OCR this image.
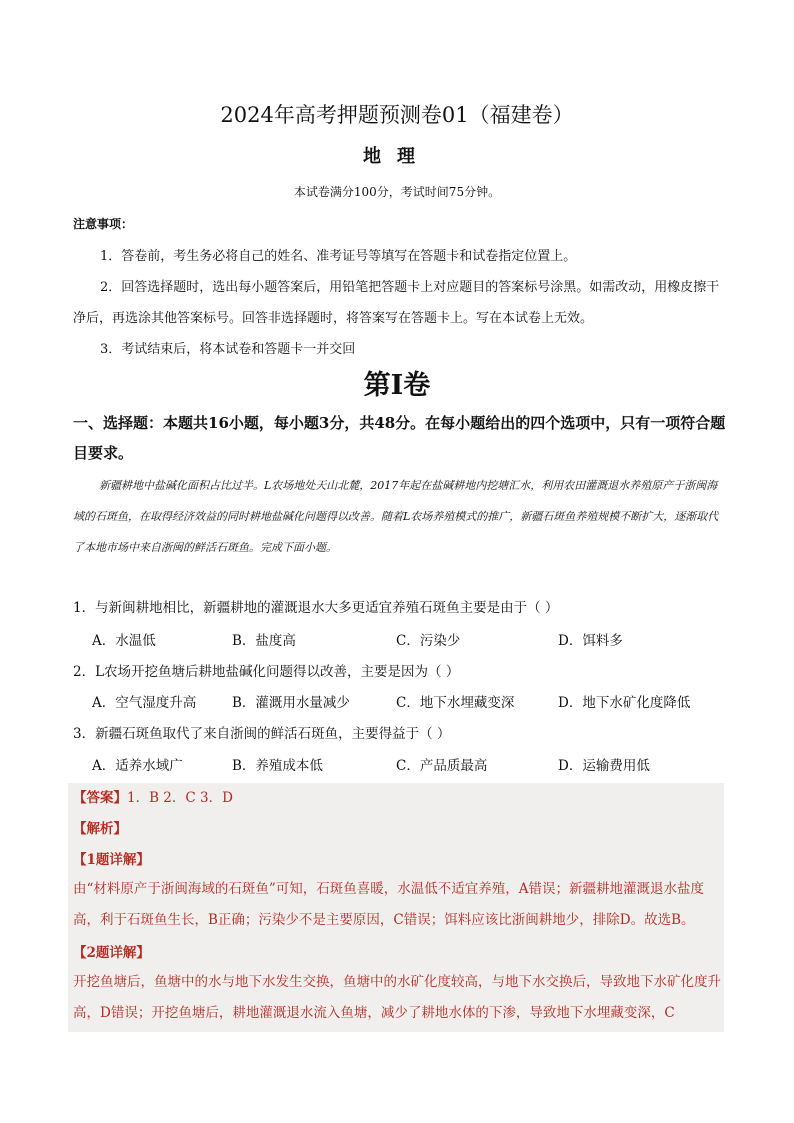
2024年高考押题预测卷01（福建卷）
地理
本试卷满分100分，考试时间75分钟。
注意事项：
1．答卷前，考生务必将自己的姓名、准考证号等填写在答题卡和试卷指定位置上。
2．回答选择题时，选出每小题答案后，用铅笔把答题卡上对应题目的答案标号涂黑。如需改动，用橡皮擦干净后，再选涂其他答案标号。回答非选择题时，将答案写在答题卡上。写在本试卷上无效。
3．考试结束后，将本试卷和答题卡一并交回
第I卷
一、选择题：本题共16小题，每小题3分，共48分。在每小题给出的四个选项中，只有一项符合题目要求。
新疆耕地中盐碱化面积占比过半。L农场地处天山北麓，2017年起在盐碱耕地内挖塘汇水，利用农田灌溉退水养殖原产于浙闽海域的石斑鱼，在取得经济效益的同时耕地盐碱化问题得以改善。随着L农场养殖模式的推广，新疆石斑鱼养殖规模不断扩大，逐渐取代了本地市场中来自浙闽的鲜活石斑鱼。完成下面小题。
1．与新闽耕地相比，新疆耕地的灌溉退水大多更适宜养殖石斑鱼主要是由于（ ）
A．水温低	B．盐度高	C．污染少	D．饵料多
2．L农场开挖鱼塘后耕地盐碱化问题得以改善，主要是因为（ ）
A．空气湿度升高	B．灌溉用水量减少	C．地下水埋藏变深	D．地下水矿化度降低
3．新疆石斑鱼取代了来自浙闽的鲜活石斑鱼，主要得益于（ ）
A．适养水域广	B．养殖成本低	C．产品质最高	D．运输费用低
【答案】1．B 2．C 3．D
【解析】
【1题详解】
由“材料原产于浙闽海域的石斑鱼”可知，石斑鱼喜暖，水温低不适宜养殖，A错误；新疆耕地灌溉退水盐度高，利于石斑鱼生长，B正确；污染少不是主要原因，C错误；饵料应该比浙闽耕地少，排除D。故选B。
【2题详解】
开挖鱼塘后，鱼塘中的水与地下水发生交换，鱼塘中的水矿化度较高，与地下水交换后，导致地下水矿化度升高，D错误；开挖鱼塘后，耕地灌溉退水流入鱼塘，减少了耕地水体的下渗，导致地下水埋藏变深，C
